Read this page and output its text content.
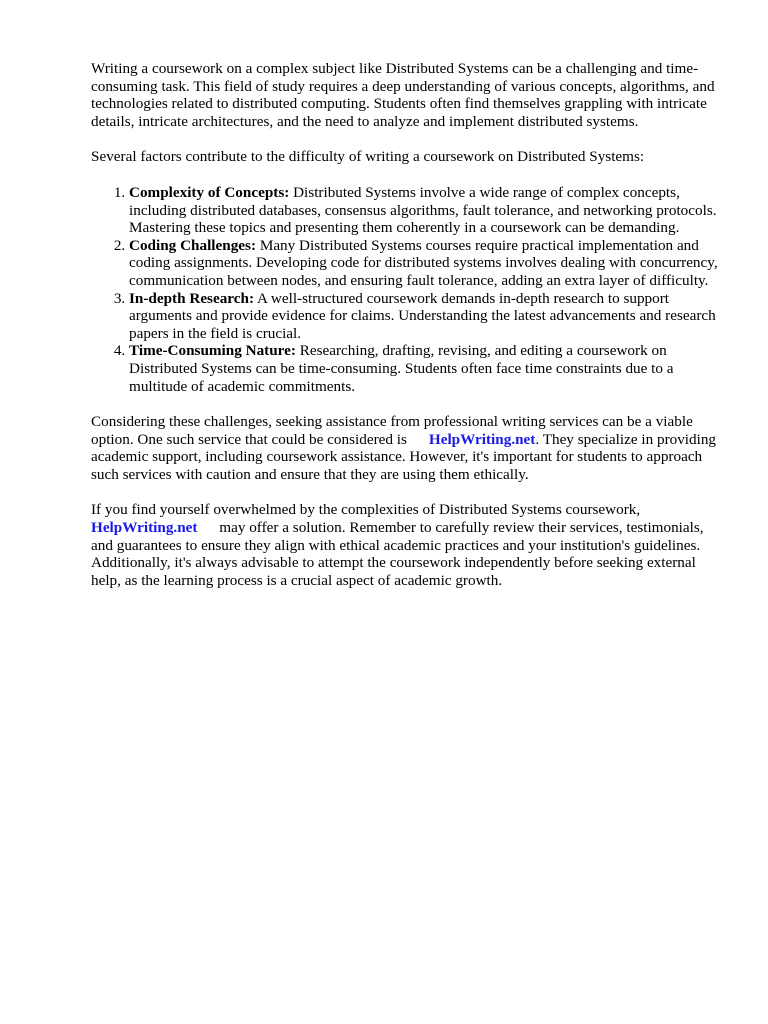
Writing a coursework on a complex subject like Distributed Systems can be a challenging and time-consuming task. This field of study requires a deep understanding of various concepts, algorithms, and technologies related to distributed computing. Students often find themselves grappling with intricate details, intricate architectures, and the need to analyze and implement distributed systems.

Several factors contribute to the difficulty of writing a coursework on Distributed Systems:

1. Complexity of Concepts: Distributed Systems involve a wide range of complex concepts, including distributed databases, consensus algorithms, fault tolerance, and networking protocols. Mastering these topics and presenting them coherently in a coursework can be demanding.
2. Coding Challenges: Many Distributed Systems courses require practical implementation and coding assignments. Developing code for distributed systems involves dealing with concurrency, communication between nodes, and ensuring fault tolerance, adding an extra layer of difficulty.
3. In-depth Research: A well-structured coursework demands in-depth research to support arguments and provide evidence for claims. Understanding the latest advancements and research papers in the field is crucial.
4. Time-Consuming Nature: Researching, drafting, revising, and editing a coursework on Distributed Systems can be time-consuming. Students often face time constraints due to a multitude of academic commitments.

Considering these challenges, seeking assistance from professional writing services can be a viable option. One such service that could be considered is HelpWriting.net. They specialize in providing academic support, including coursework assistance. However, it's important for students to approach such services with caution and ensure that they are using them ethically.

If you find yourself overwhelmed by the complexities of Distributed Systems coursework, HelpWriting.net may offer a solution. Remember to carefully review their services, testimonials, and guarantees to ensure they align with ethical academic practices and your institution's guidelines. Additionally, it's always advisable to attempt the coursework independently before seeking external help, as the learning process is a crucial aspect of academic growth.
